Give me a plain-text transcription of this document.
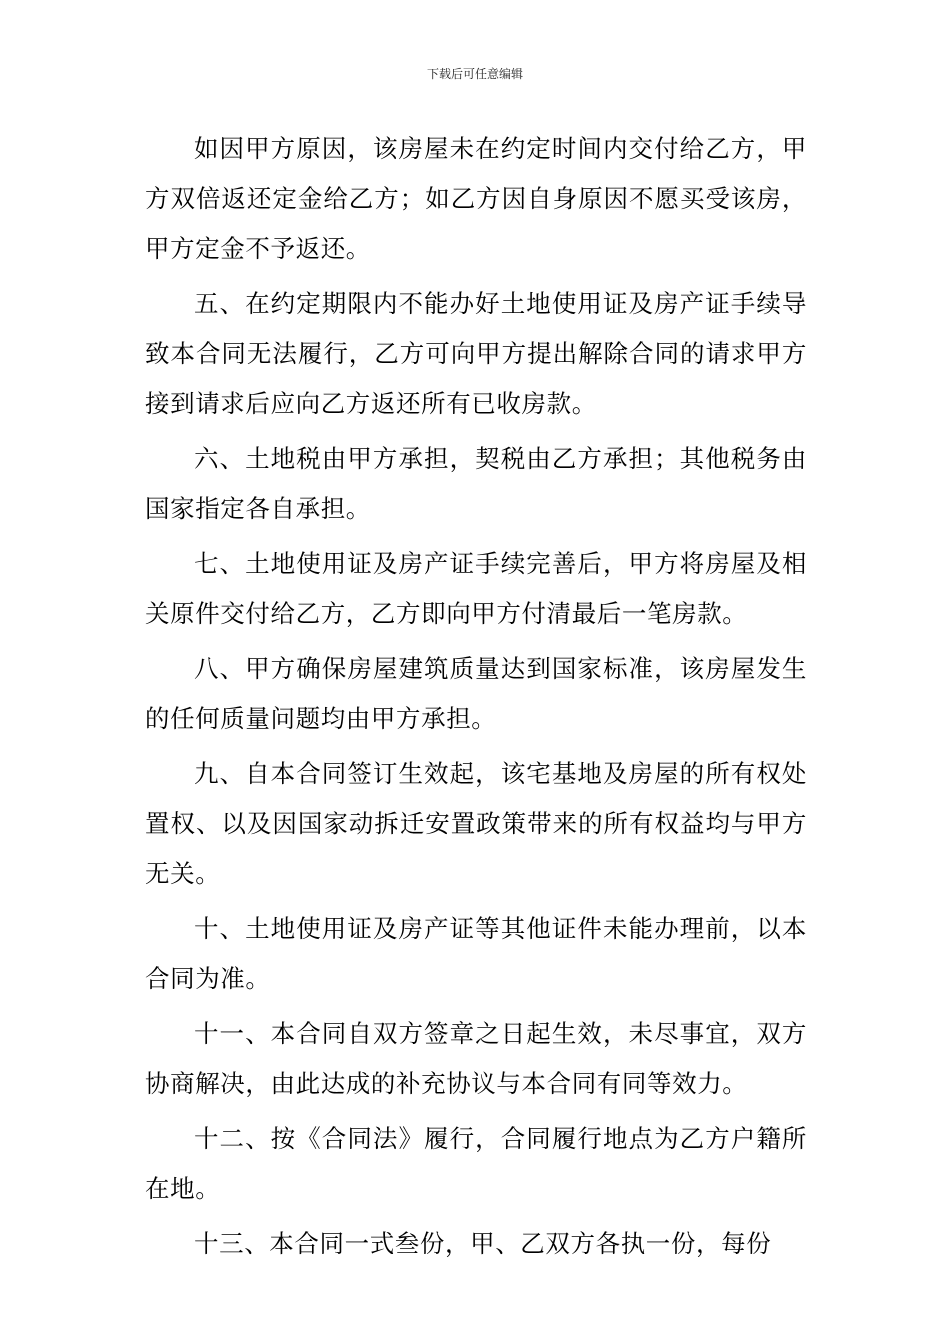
下载后可任意编辑

如因甲方原因，该房屋未在约定时间内交付给乙方，甲方双倍返还定金给乙方；如乙方因自身原因不愿买受该房，甲方定金不予返还。

五、在约定期限内不能办好土地使用证及房产证手续导致本合同无法履行，乙方可向甲方提出解除合同的请求甲方接到请求后应向乙方返还所有已收房款。

六、土地税由甲方承担，契税由乙方承担；其他税务由国家指定各自承担。

七、土地使用证及房产证手续完善后，甲方将房屋及相关原件交付给乙方，乙方即向甲方付清最后一笔房款。

八、甲方确保房屋建筑质量达到国家标准，该房屋发生的任何质量问题均由甲方承担。

九、自本合同签订生效起，该宅基地及房屋的所有权处置权、以及因国家动拆迁安置政策带来的所有权益均与甲方无关。

十、土地使用证及房产证等其他证件未能办理前，以本合同为准。

十一、本合同自双方签章之日起生效，未尽事宜，双方协商解决，由此达成的补充协议与本合同有同等效力。

十二、按《合同法》履行，合同履行地点为乙方户籍所在地。

十三、本合同一式叁份，甲、乙双方各执一份，每份
